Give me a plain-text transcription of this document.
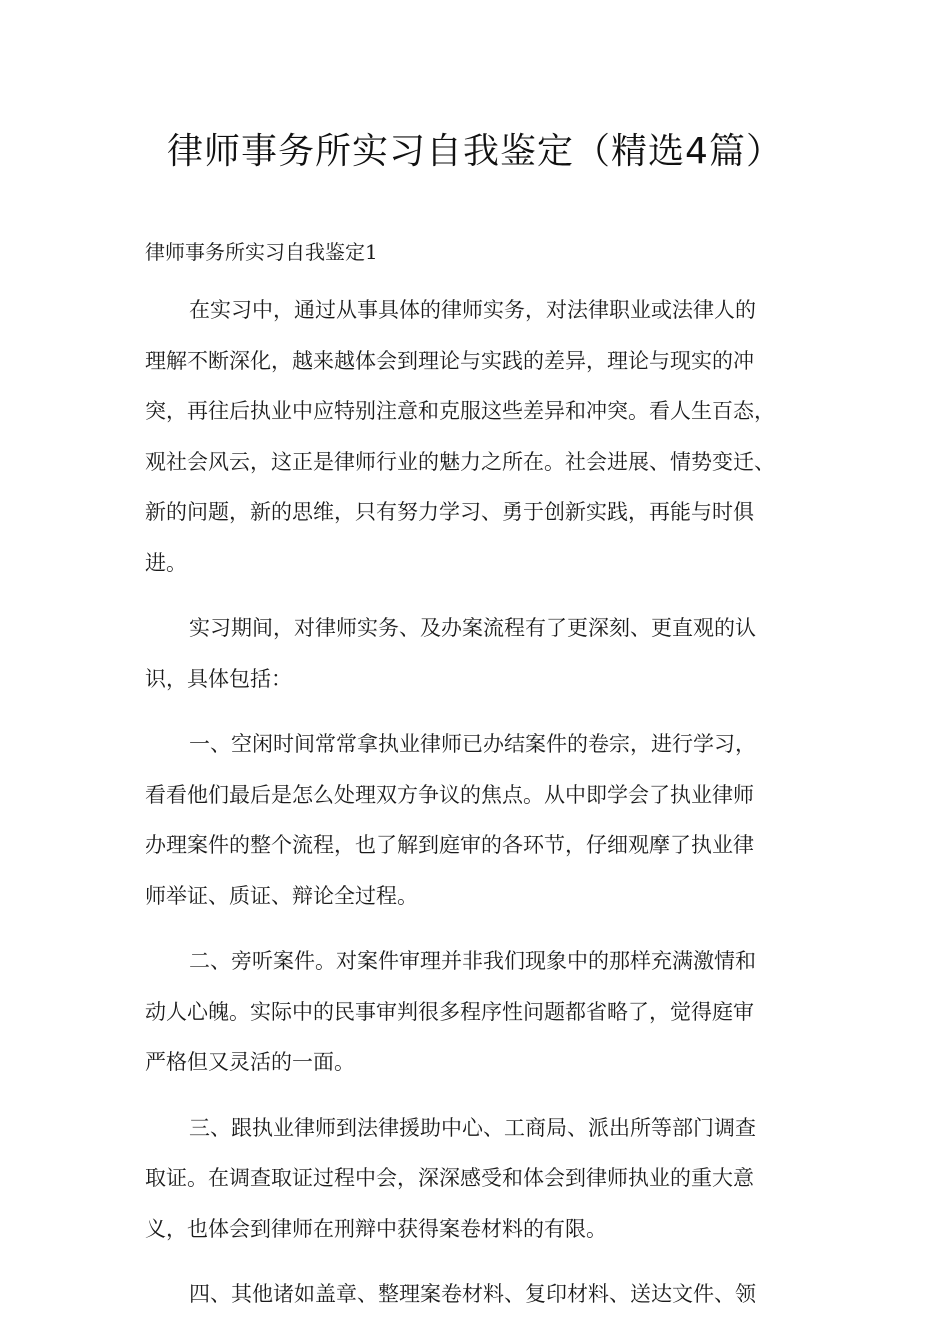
律师事务所实习自我鉴定（精选4篇）
律师事务所实习自我鉴定1

在实习中，通过从事具体的律师实务，对法律职业或法律人的
理解不断深化，越来越体会到理论与实践的差异，理论与现实的冲
突，再往后执业中应特别注意和克服这些差异和冲突。看人生百态，
观社会风云，这正是律师行业的魅力之所在。社会进展、情势变迁、
新的问题，新的思维，只有努力学习、勇于创新实践，再能与时俱
进。

实习期间，对律师实务、及办案流程有了更深刻、更直观的认
识，具体包括：

一、空闲时间常常拿执业律师已办结案件的卷宗，进行学习，
看看他们最后是怎么处理双方争议的焦点。从中即学会了执业律师
办理案件的整个流程，也了解到庭审的各环节，仔细观摩了执业律
师举证、质证、辩论全过程。

二、旁听案件。对案件审理并非我们现象中的那样充满激情和
动人心魄。实际中的民事审判很多程序性问题都省略了，觉得庭审
严格但又灵活的一面。

三、跟执业律师到法律援助中心、工商局、派出所等部门调查
取证。在调查取证过程中会，深深感受和体会到律师执业的重大意
义，也体会到律师在刑辩中获得案卷材料的有限。

四、其他诸如盖章、整理案卷材料、复印材料、送达文件、领
